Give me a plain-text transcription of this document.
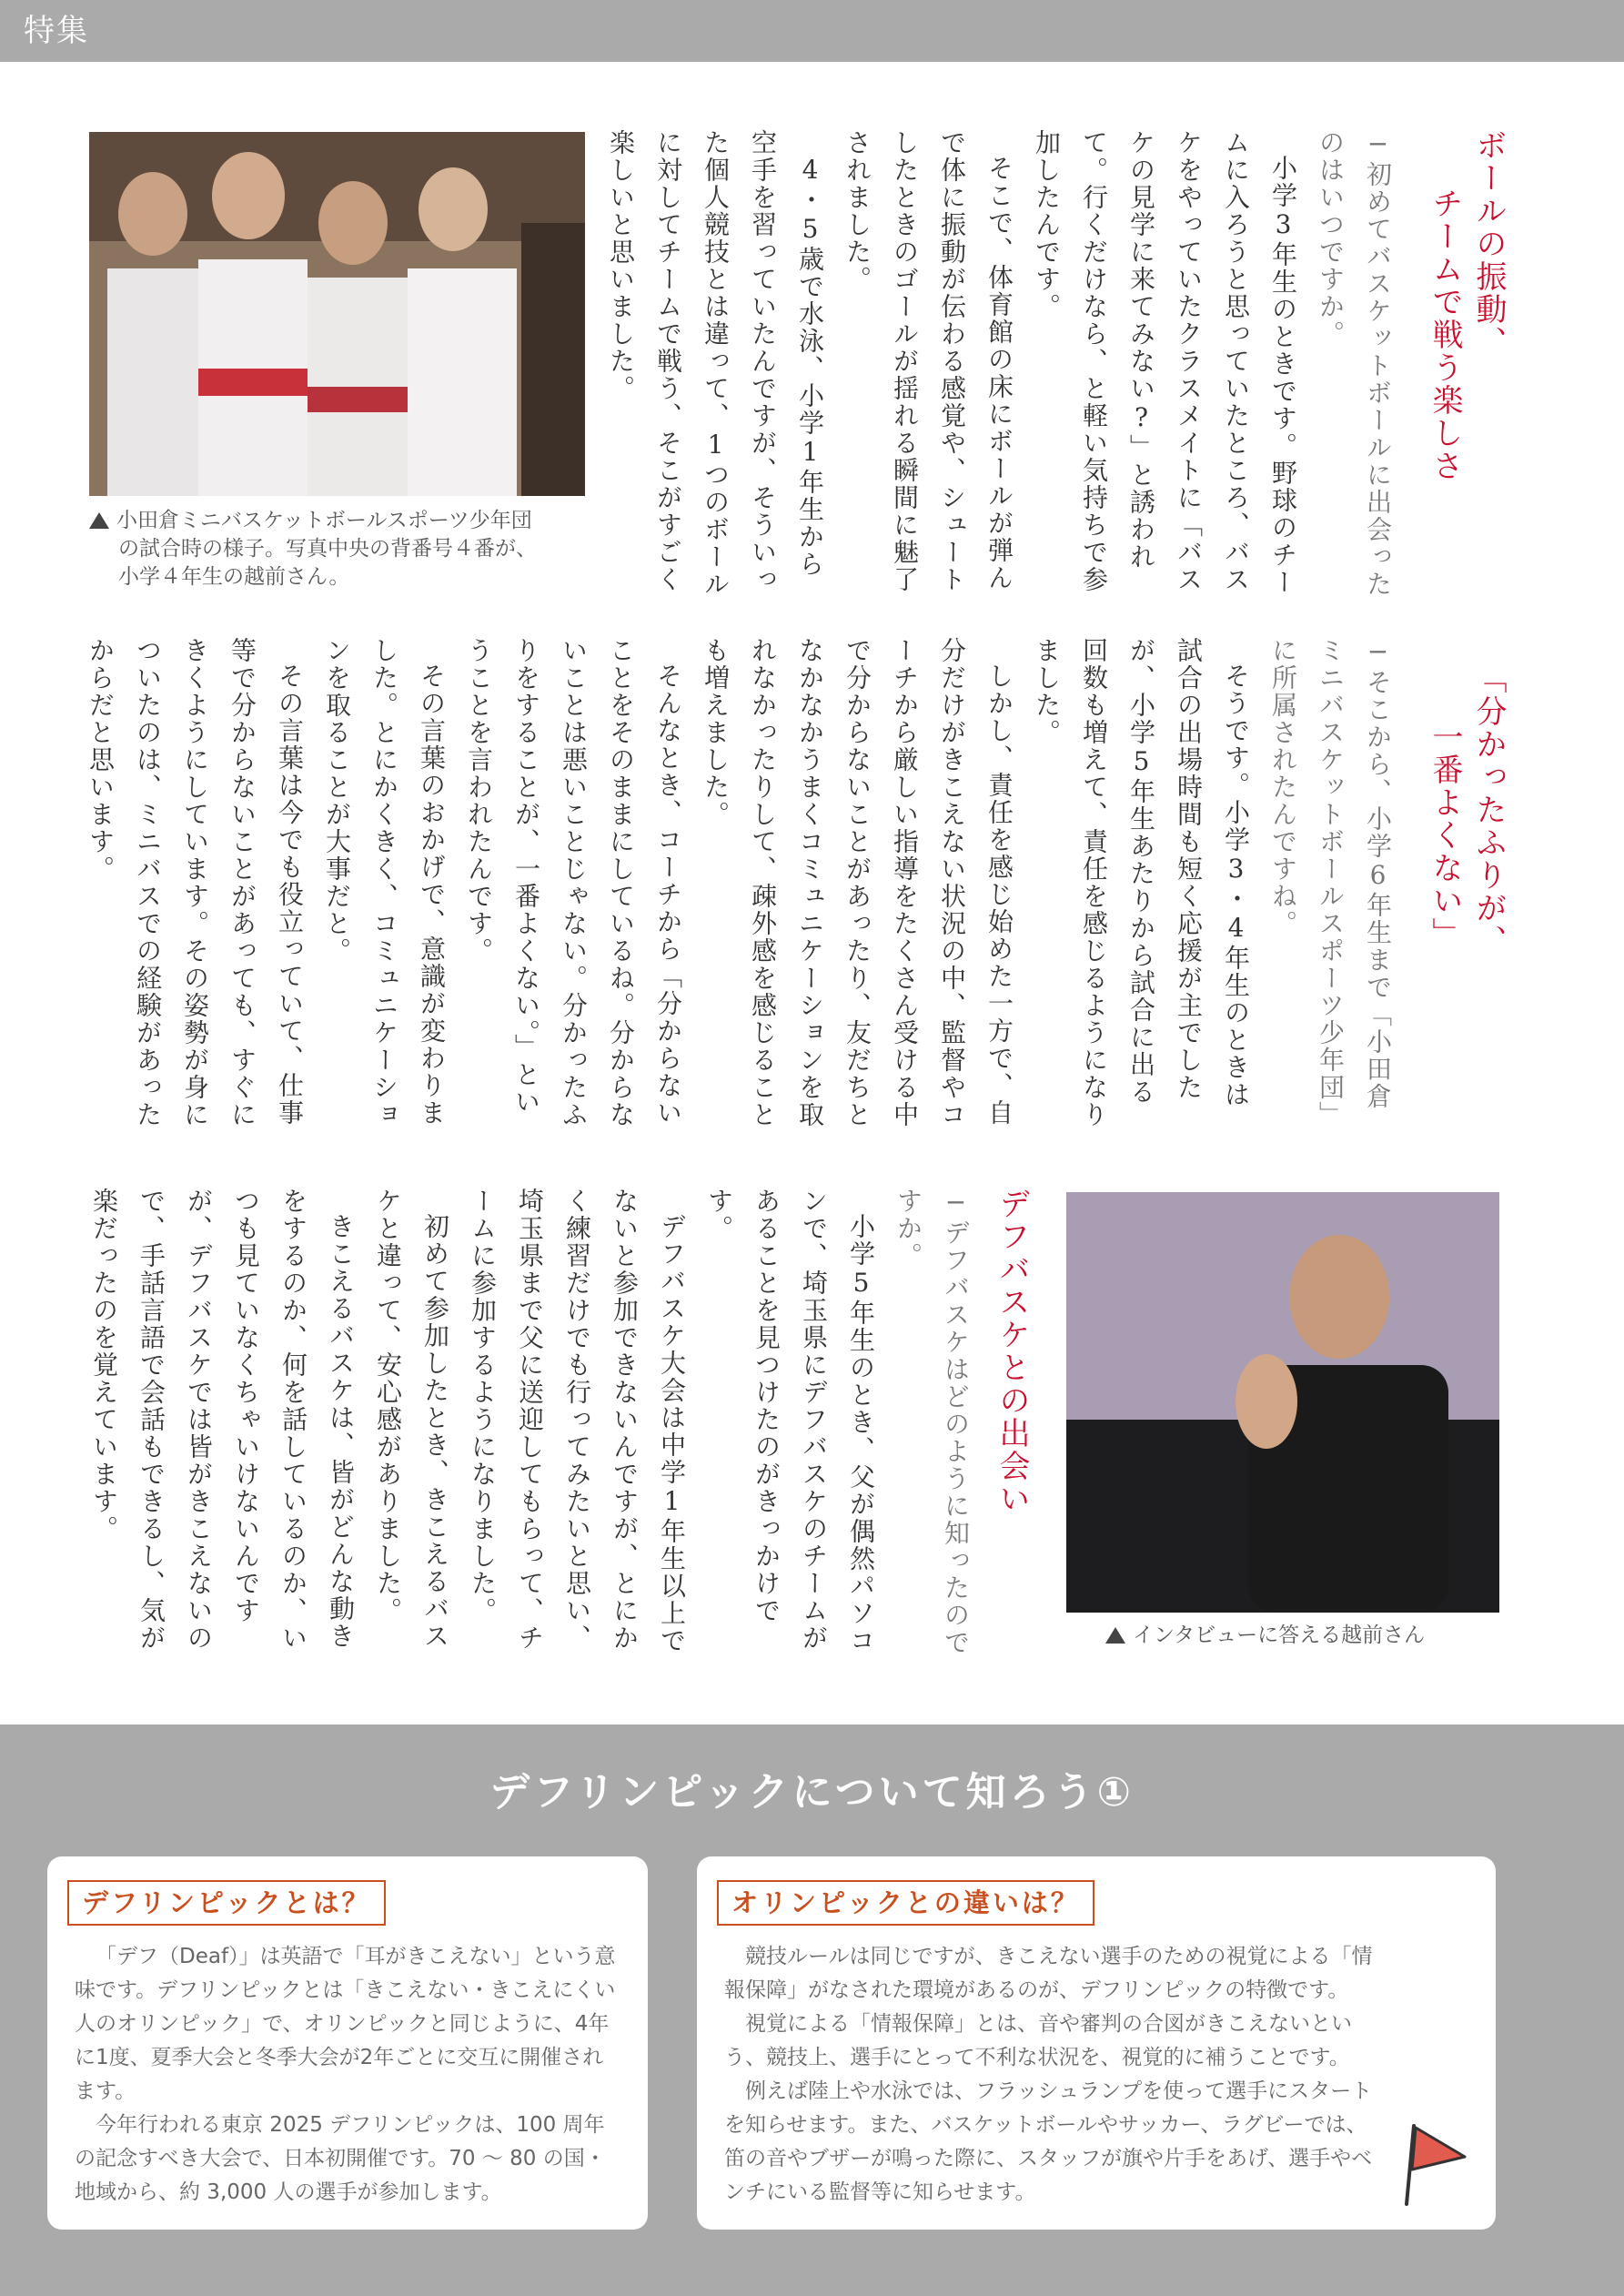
特集
小田倉ミニバスケットボールスポーツ少年団
の試合時の様子。写真中央の背番号４番が、
小学４年生の越前さん。
ボールの振動、
チームで戦う楽しさ
─初めてバスケットボールに出会ったのはいつですか。
小学3年生のときです。野球のチームに入ろうと思っていたところ、バスケをやっていたクラスメイトに「バスケの見学に来てみない?」と誘われて。行くだけなら、と軽い気持ちで参加したんです。
そこで、体育館の床にボールが弾んで体に振動が伝わる感覚や、シュートしたときのゴールが揺れる瞬間に魅了されました。
4・5歳で水泳、小学1年生から空手を習っていたんですが、そういった個人競技とは違って、1つのボールに対してチームで戦う、そこがすごく楽しいと思いました。
「分かったふりが、
一番よくない」
─そこから、小学6年生まで「小田倉ミニバスケットボールスポーツ少年団」に所属されたんですね。
そうです。小学3・4年生のときは試合の出場時間も短く応援が主でしたが、小学5年生あたりから試合に出る回数も増えて、責任を感じるようになりました。
しかし、責任を感じ始めた一方で、自分だけがきこえない状況の中、監督やコーチから厳しい指導をたくさん受ける中で分からないことがあったり、友だちとなかなかうまくコミュニケーションを取れなかったりして、疎外感を感じることも増えました。
そんなとき、コーチから「分からないことをそのままにしているね。分からないことは悪いことじゃない。分かったふりをすることが、一番よくない。」ということを言われたんです。
その言葉のおかげで、意識が変わりました。とにかくきく、コミュニケーションを取ることが大事だと。
その言葉は今でも役立っていて、仕事等で分からないことがあっても、すぐにきくようにしています。その姿勢が身についたのは、ミニバスでの経験があったからだと思います。
インタビューに答える越前さん
デフバスケとの出会い
─デフバスケはどのように知ったのですか。
小学5年生のとき、父が偶然パソコンで、埼玉県にデフバスケのチームがあることを見つけたのがきっかけです。
デフバスケ大会は中学1年生以上でないと参加できないんですが、とにかく練習だけでも行ってみたいと思い、埼玉県まで父に送迎してもらって、チームに参加するようになりました。
初めて参加したとき、きこえるバスケと違って、安心感がありました。
きこえるバスケは、皆がどんな動きをするのか、何を話しているのか、いつも見ていなくちゃいけないんですが、デフバスケでは皆がきこえないので、手話言語で会話もできるし、気が楽だったのを覚えています。
デフリンピックについて知ろう①
デフリンピックとは？

「デフ（Deaf）」は英語で「耳がきこえない」という意味です。デフリンピックとは「きこえない・きこえにくい人のオリンピック」で、オリンピックと同じように、4年に1度、夏季大会と冬季大会が2年ごとに交互に開催されます。

今年行われる東京 2025 デフリンピックは、100 周年の記念すべき大会で、日本初開催です。70 ～ 80 の国・地域から、約 3,000 人の選手が参加します。

オリンピックとの違いは？

競技ルールは同じですが、きこえない選手のための視覚による「情報保障」がなされた環境があるのが、デフリンピックの特徴です。

視覚による「情報保障」とは、音や審判の合図がきこえないという、競技上、選手にとって不利な状況を、視覚的に補うことです。

例えば陸上や水泳では、フラッシュランプを使って選手にスタートを知らせます。また、バスケットボールやサッカー、ラグビーでは、笛の音やブザーが鳴った際に、スタッフが旗や片手をあげ、選手やベンチにいる監督等に知らせます。
